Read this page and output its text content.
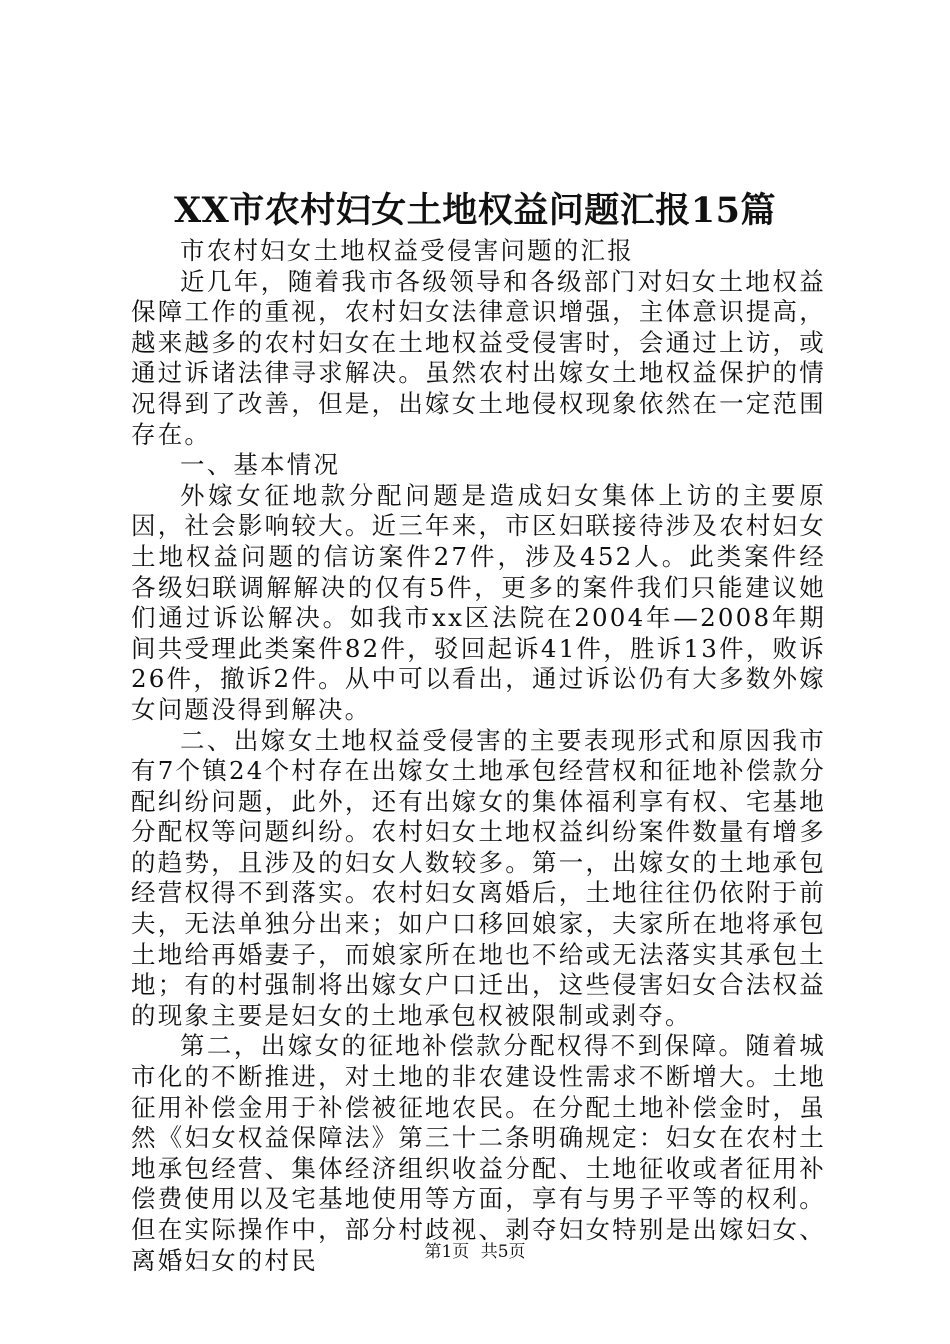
XX市农村妇女土地权益问题汇报15篇

市农村妇女土地权益受侵害问题的汇报

近几年，随着我市各级领导和各级部门对妇女土地权益保障工作的重视，农村妇女法律意识增强，主体意识提高，越来越多的农村妇女在土地权益受侵害时，会通过上访，或通过诉诸法律寻求解决。虽然农村出嫁女土地权益保护的情况得到了改善，但是，出嫁女土地侵权现象依然在一定范围存在。

一、基本情况

外嫁女征地款分配问题是造成妇女集体上访的主要原因，社会影响较大。近三年来，市区妇联接待涉及农村妇女土地权益问题的信访案件27件，涉及452人。此类案件经各级妇联调解解决的仅有5件，更多的案件我们只能建议她们通过诉讼解决。如我市xx区法院在2004年—2008年期间共受理此类案件82件，驳回起诉41件，胜诉13件，败诉26件，撤诉2件。从中可以看出，通过诉讼仍有大多数外嫁女问题没得到解决。

二、出嫁女土地权益受侵害的主要表现形式和原因我市有7个镇24个村存在出嫁女土地承包经营权和征地补偿款分配纠纷问题，此外，还有出嫁女的集体福利享有权、宅基地分配权等问题纠纷。农村妇女土地权益纠纷案件数量有增多的趋势，且涉及的妇女人数较多。第一，出嫁女的土地承包经营权得不到落实。农村妇女离婚后，土地往往仍依附于前夫，无法单独分出来；如户口移回娘家，夫家所在地将承包土地给再婚妻子，而娘家所在地也不给或无法落实其承包土地；有的村强制将出嫁女户口迁出，这些侵害妇女合法权益的现象主要是妇女的土地承包权被限制或剥夺。

第二，出嫁女的征地补偿款分配权得不到保障。随着城市化的不断推进，对土地的非农建设性需求不断增大。土地征用补偿金用于补偿被征地农民。在分配土地补偿金时，虽然《妇女权益保障法》第三十二条明确规定：妇女在农村土地承包经营、集体经济组织收益分配、土地征收或者征用补偿费使用以及宅基地使用等方面，享有与男子平等的权利。但在实际操作中，部分村歧视、剥夺妇女特别是出嫁妇女、离婚妇女的村民	第1页 共5页
